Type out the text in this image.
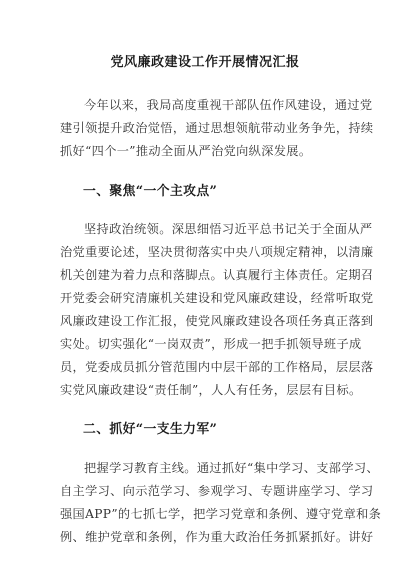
党风廉政建设工作开展情况汇报
今年以来，我局高度重视干部队伍作风建设，通过党
建引领提升政治觉悟，通过思想领航带动业务争先，持续
抓好“四个一”推动全面从严治党向纵深发展。
一、聚焦“一个主攻点”
坚持政治统领。深思细悟习近平总书记关于全面从严
治党重要论述，坚决贯彻落实中央八项规定精神，以清廉
机关创建为着力点和落脚点。认真履行主体责任。定期召
开党委会研究清廉机关建设和党风廉政建设，经常听取党
风廉政建设工作汇报，使党风廉政建设各项任务真正落到
实处。切实强化“一岗双责”，形成一把手抓领导班子成
员，党委成员抓分管范围内中层干部的工作格局，层层落
实党风廉政建设“责任制”，人人有任务，层层有目标。
二、抓好“一支生力军”
把握学习教育主线。通过抓好“集中学习、支部学习、
自主学习、向示范学习、参观学习、专题讲座学习、学习
强国APP”的七抓七学，把学习党章和条例、遵守党章和条
例、维护党章和条例，作为重大政治任务抓紧抓好。讲好
